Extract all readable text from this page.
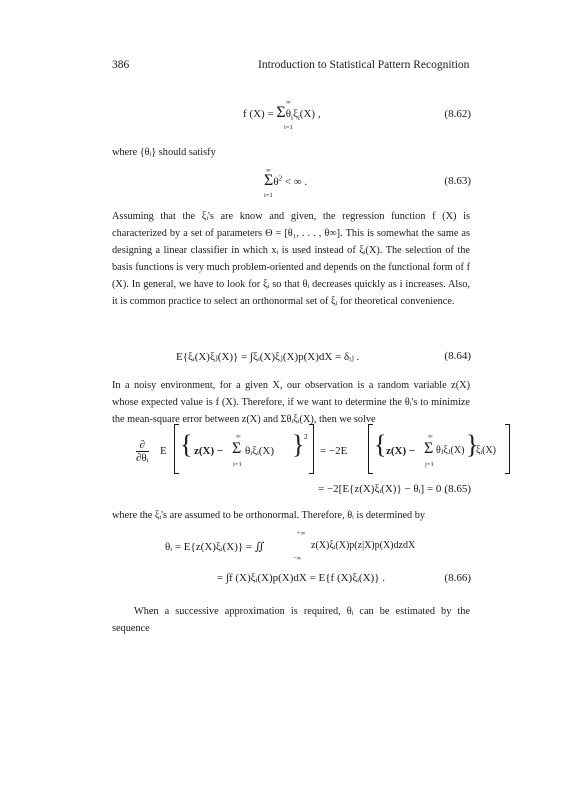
386	Introduction to Statistical Pattern Recognition
f $(X) = \Sigma\theta_i\xi_i(X)$ ,
∞
i=1
(8.62)
where {θᵢ} should satisfy
$\Sigma\theta^2$ < ∞ .
∞
i=1
(8.63)

Assuming that the ξᵢ's are know and given, the regression function f (X) is characterized by a set of parameters Θ = [θ₁, . . . , θ∞]. This is somewhat the same as designing a linear classifier in which xᵢ is used instead of ξᵢ(X). The selection of the basis functions is very much problem-oriented and depends on the functional form of f (X). In general, we have to look for ξᵢ so that θᵢ decreases quickly as i increases. Also, it is common practice to select an orthonormal set of ξᵢ for theoretical convenience.

E{ξᵢ(X)ξⱼ(X)} = ∫ξᵢ(X)ξⱼ(X)p(X)dX = δᵢⱼ .	(8.64)

In a noisy environment, for a given X, our observation is a random variable z(X) whose expected value is f (X). Therefore, if we want to determine the θᵢ's to minimize the mean-square error between z(X) and Σθᵢξᵢ(X), then we solve

$\frac{\partial}{\text{∂θᵢ}}$ E { z(X) − Σ
∞
i=1
θᵢξᵢ(X) } 2
= −2E { z(X) − Σ
∞
j=1
θⱼξⱼ(X) }
ξᵢ(X)
= −2[E{z(X)ξᵢ(X)} − θᵢ] = 0 ,
(8.65)

where the ξᵢ's are assumed to be orthonormal. Therefore, θᵢ is determined by

θᵢ = E{z(X)ξᵢ(X)} = ∬
+∞
−∞
z(X)ξᵢ(X)p(z|X)p(X)dzdX
= ∫f (X)ξᵢ(X)p(X)dX = E{f (X)ξᵢ(X)} .	(8.66)

When a successive approximation is required, θᵢ can be estimated by the sequence
